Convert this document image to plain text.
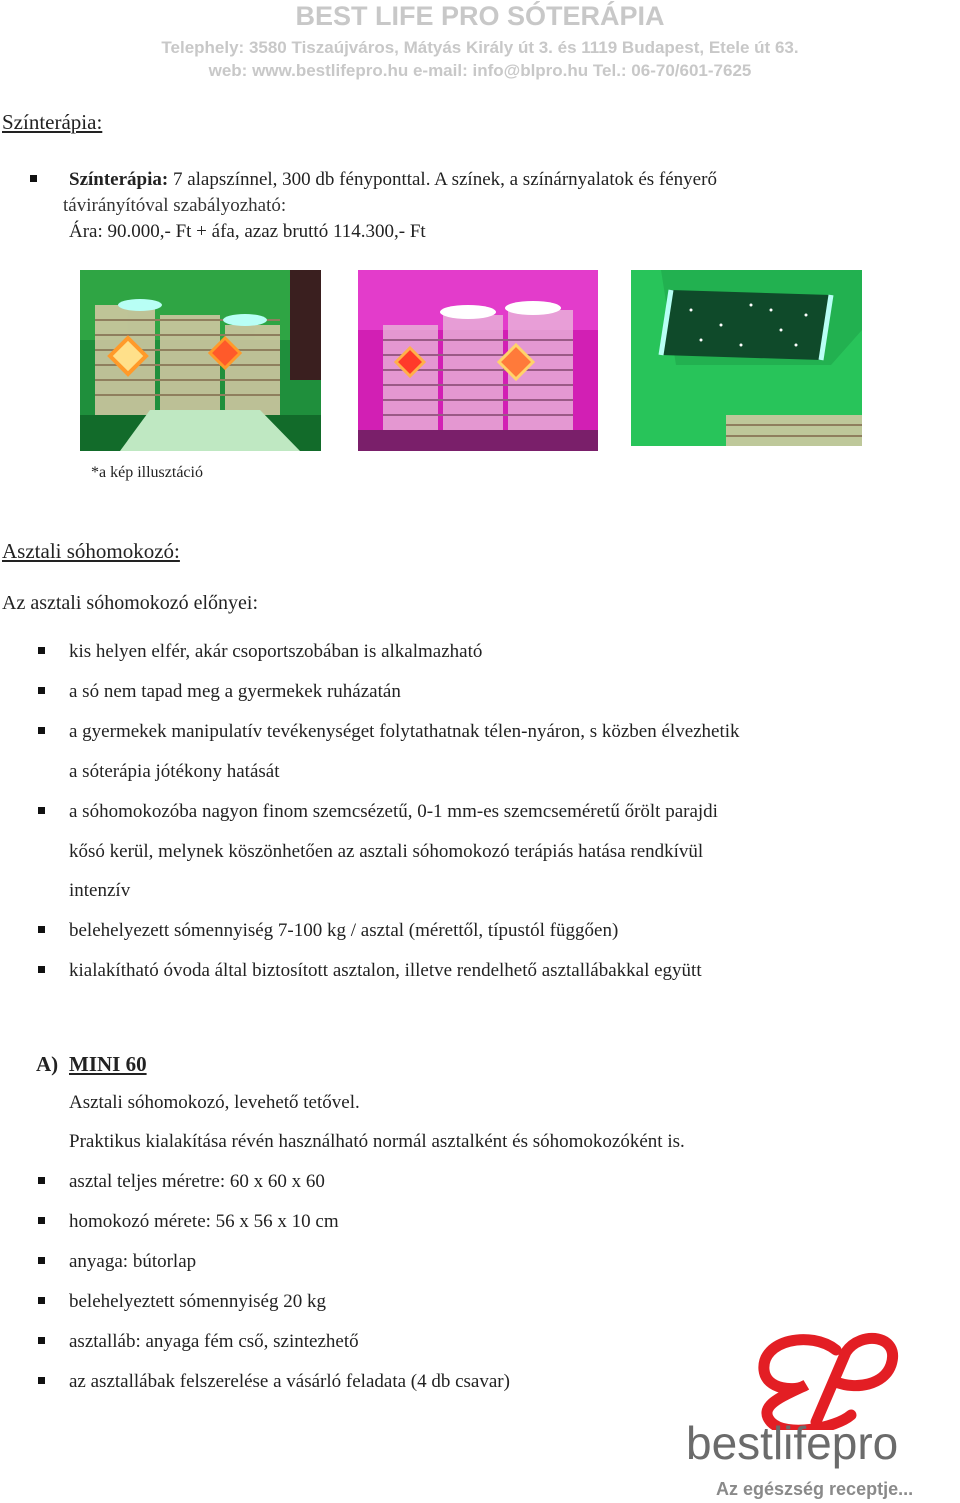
BEST LIFE PRO SÓTERÁPIA
Telephely: 3580 Tiszaújváros, Mátyás Király út 3. és 1119 Budapest, Etele út 63.
web: www.bestlifepro.hu e-mail: info@blpro.hu Tel.: 06-70/601-7625
Színterápia:
Színterápia: 7 alapszínnel, 300 db fényponttal. A színek, a színárnyalatok és fényerő
távirányítóval szabályozható:
Ára: 90.000,- Ft + áfa, azaz bruttó 114.300,- Ft
*a kép illusztáció
Asztali sóhomokozó:
Az asztali sóhomokozó előnyei:
kis helyen elfér, akár csoportszobában is alkalmazható
a só nem tapad meg a gyermekek ruházatán
a gyermekek manipulatív tevékenységet folytathatnak télen-nyáron, s közben élvezhetik
a sóterápia jótékony hatását
a sóhomokozóba nagyon finom szemcsézetű, 0-1 mm-es szemcseméretű őrölt parajdi
kősó kerül, melynek köszönhetően az asztali sóhomokozó terápiás hatása rendkívül
intenzív
belehelyezett sómennyiség 7-100 kg / asztal (mérettől, típustól függően)
kialakítható óvoda által biztosított asztalon, illetve rendelhető asztallábakkal együtt
A) MINI 60
Asztali sóhomokozó, levehető tetővel.
Praktikus kialakítása révén használható normál asztalként és sóhomokozóként is.
asztal teljes méretre: 60 x 60 x 60
homokozó mérete: 56 x 56 x 10 cm
anyaga: bútorlap
belehelyeztett sómennyiség 20 kg
asztalláb: anyaga fém cső, szintezhető
az asztallábak felszerelése a vásárló feladata (4 db csavar)
bestlifepro
Az egészség receptje...
